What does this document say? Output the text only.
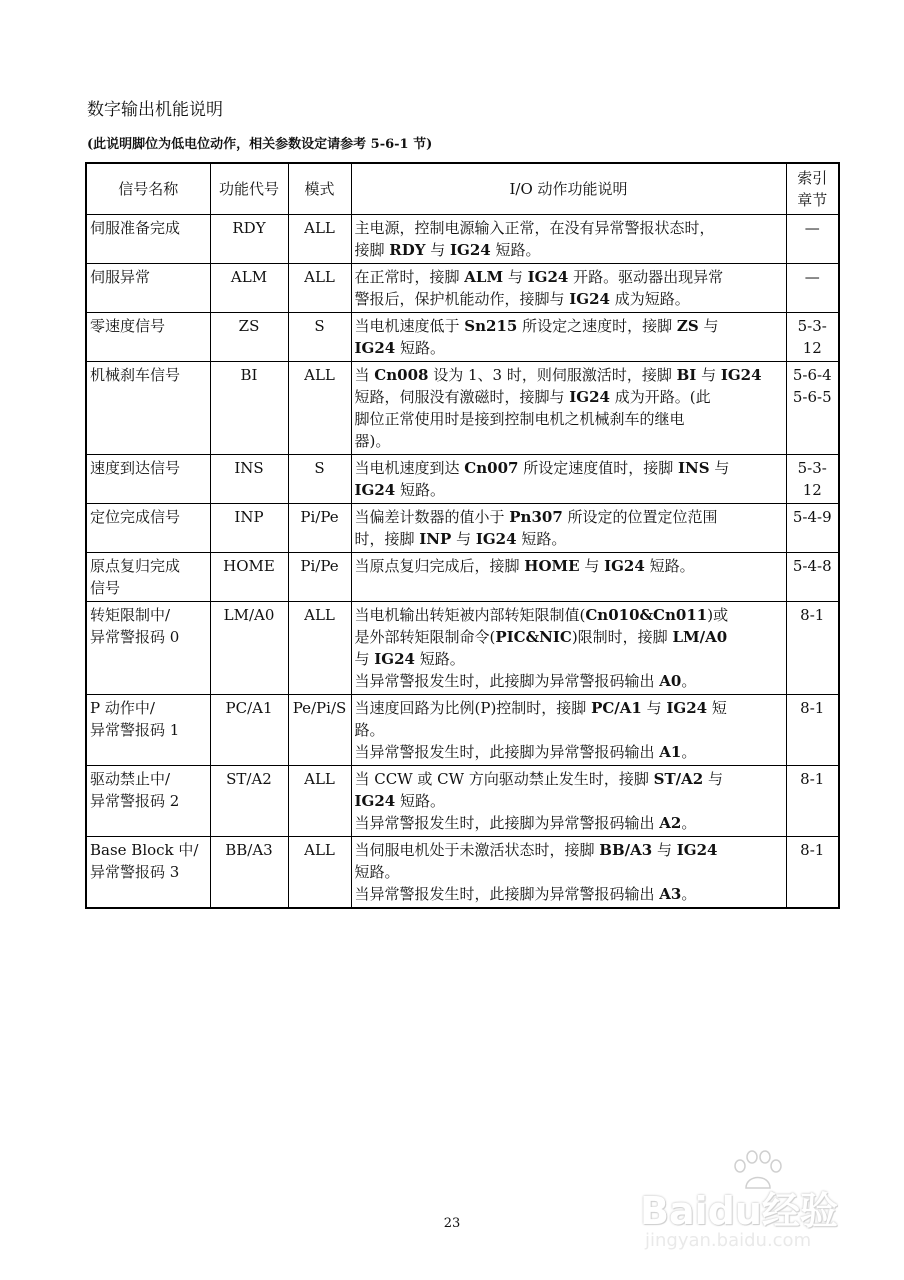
数字输出机能说明
(此说明脚位为低电位动作，相关参数设定请参考 5-6-1 节)
信号名称	功能代号	模式	I/O 动作功能说明	索引章节

伺服准备完成	RDY	ALL	主电源，控制电源输入正常，在没有异常警报状态时，
接脚 RDY 与 IG24 短路。	—

伺服异常	ALM	ALL	在正常时，接脚 ALM 与 IG24 开路。驱动器出现异常
警报后，保护机能动作，接脚与 IG24 成为短路。	—

零速度信号	ZS	S	当电机速度低于 Sn215 所设定之速度时，接脚 ZS 与
IG24 短路。	5-3-12

机械刹车信号	BI	ALL	当 Cn008 设为 1、3 时，则伺服激活时，接脚 BI 与 IG24
短路，伺服没有激磁时，接脚与 IG24 成为开路。(此
脚位正常使用时是接到控制电机之机械刹车的继电
器)。	5-6-4
5-6-5

速度到达信号	INS	S	当电机速度到达 Cn007 所设定速度值时，接脚 INS 与
IG24 短路。	5-3-12

定位完成信号	INP	Pi/Pe	当偏差计数器的值小于 Pn307 所设定的位置定位范围
时，接脚 INP 与 IG24 短路。	5-4-9

原点复归完成
信号	HOME	Pi/Pe	当原点复归完成后，接脚 HOME 与 IG24 短路。	5-4-8

转矩限制中/
异常警报码 0	LM/A0	ALL	当电机输出转矩被内部转矩限制值(Cn010&Cn011)或
是外部转矩限制命令(PIC&NIC)限制时，接脚 LM/A0
与 IG24 短路。
当异常警报发生时，此接脚为异常警报码输出 A0。	8-1

P 动作中/
异常警报码 1	PC/A1	Pe/Pi/S	当速度回路为比例(P)控制时，接脚 PC/A1 与 IG24 短
路。
当异常警报发生时，此接脚为异常警报码输出 A1。	8-1

驱动禁止中/
异常警报码 2	ST/A2	ALL	当 CCW 或 CW 方向驱动禁止发生时，接脚 ST/A2 与
IG24 短路。
当异常警报发生时，此接脚为异常警报码输出 A2。	8-1

Base Block 中/
异常警报码 3	BB/A3	ALL	当伺服电机处于未激活状态时，接脚 BB/A3 与 IG24
短路。
当异常警报发生时，此接脚为异常警报码输出 A3。	8-1
23	Baidu经验
jingyan.baidu.com
